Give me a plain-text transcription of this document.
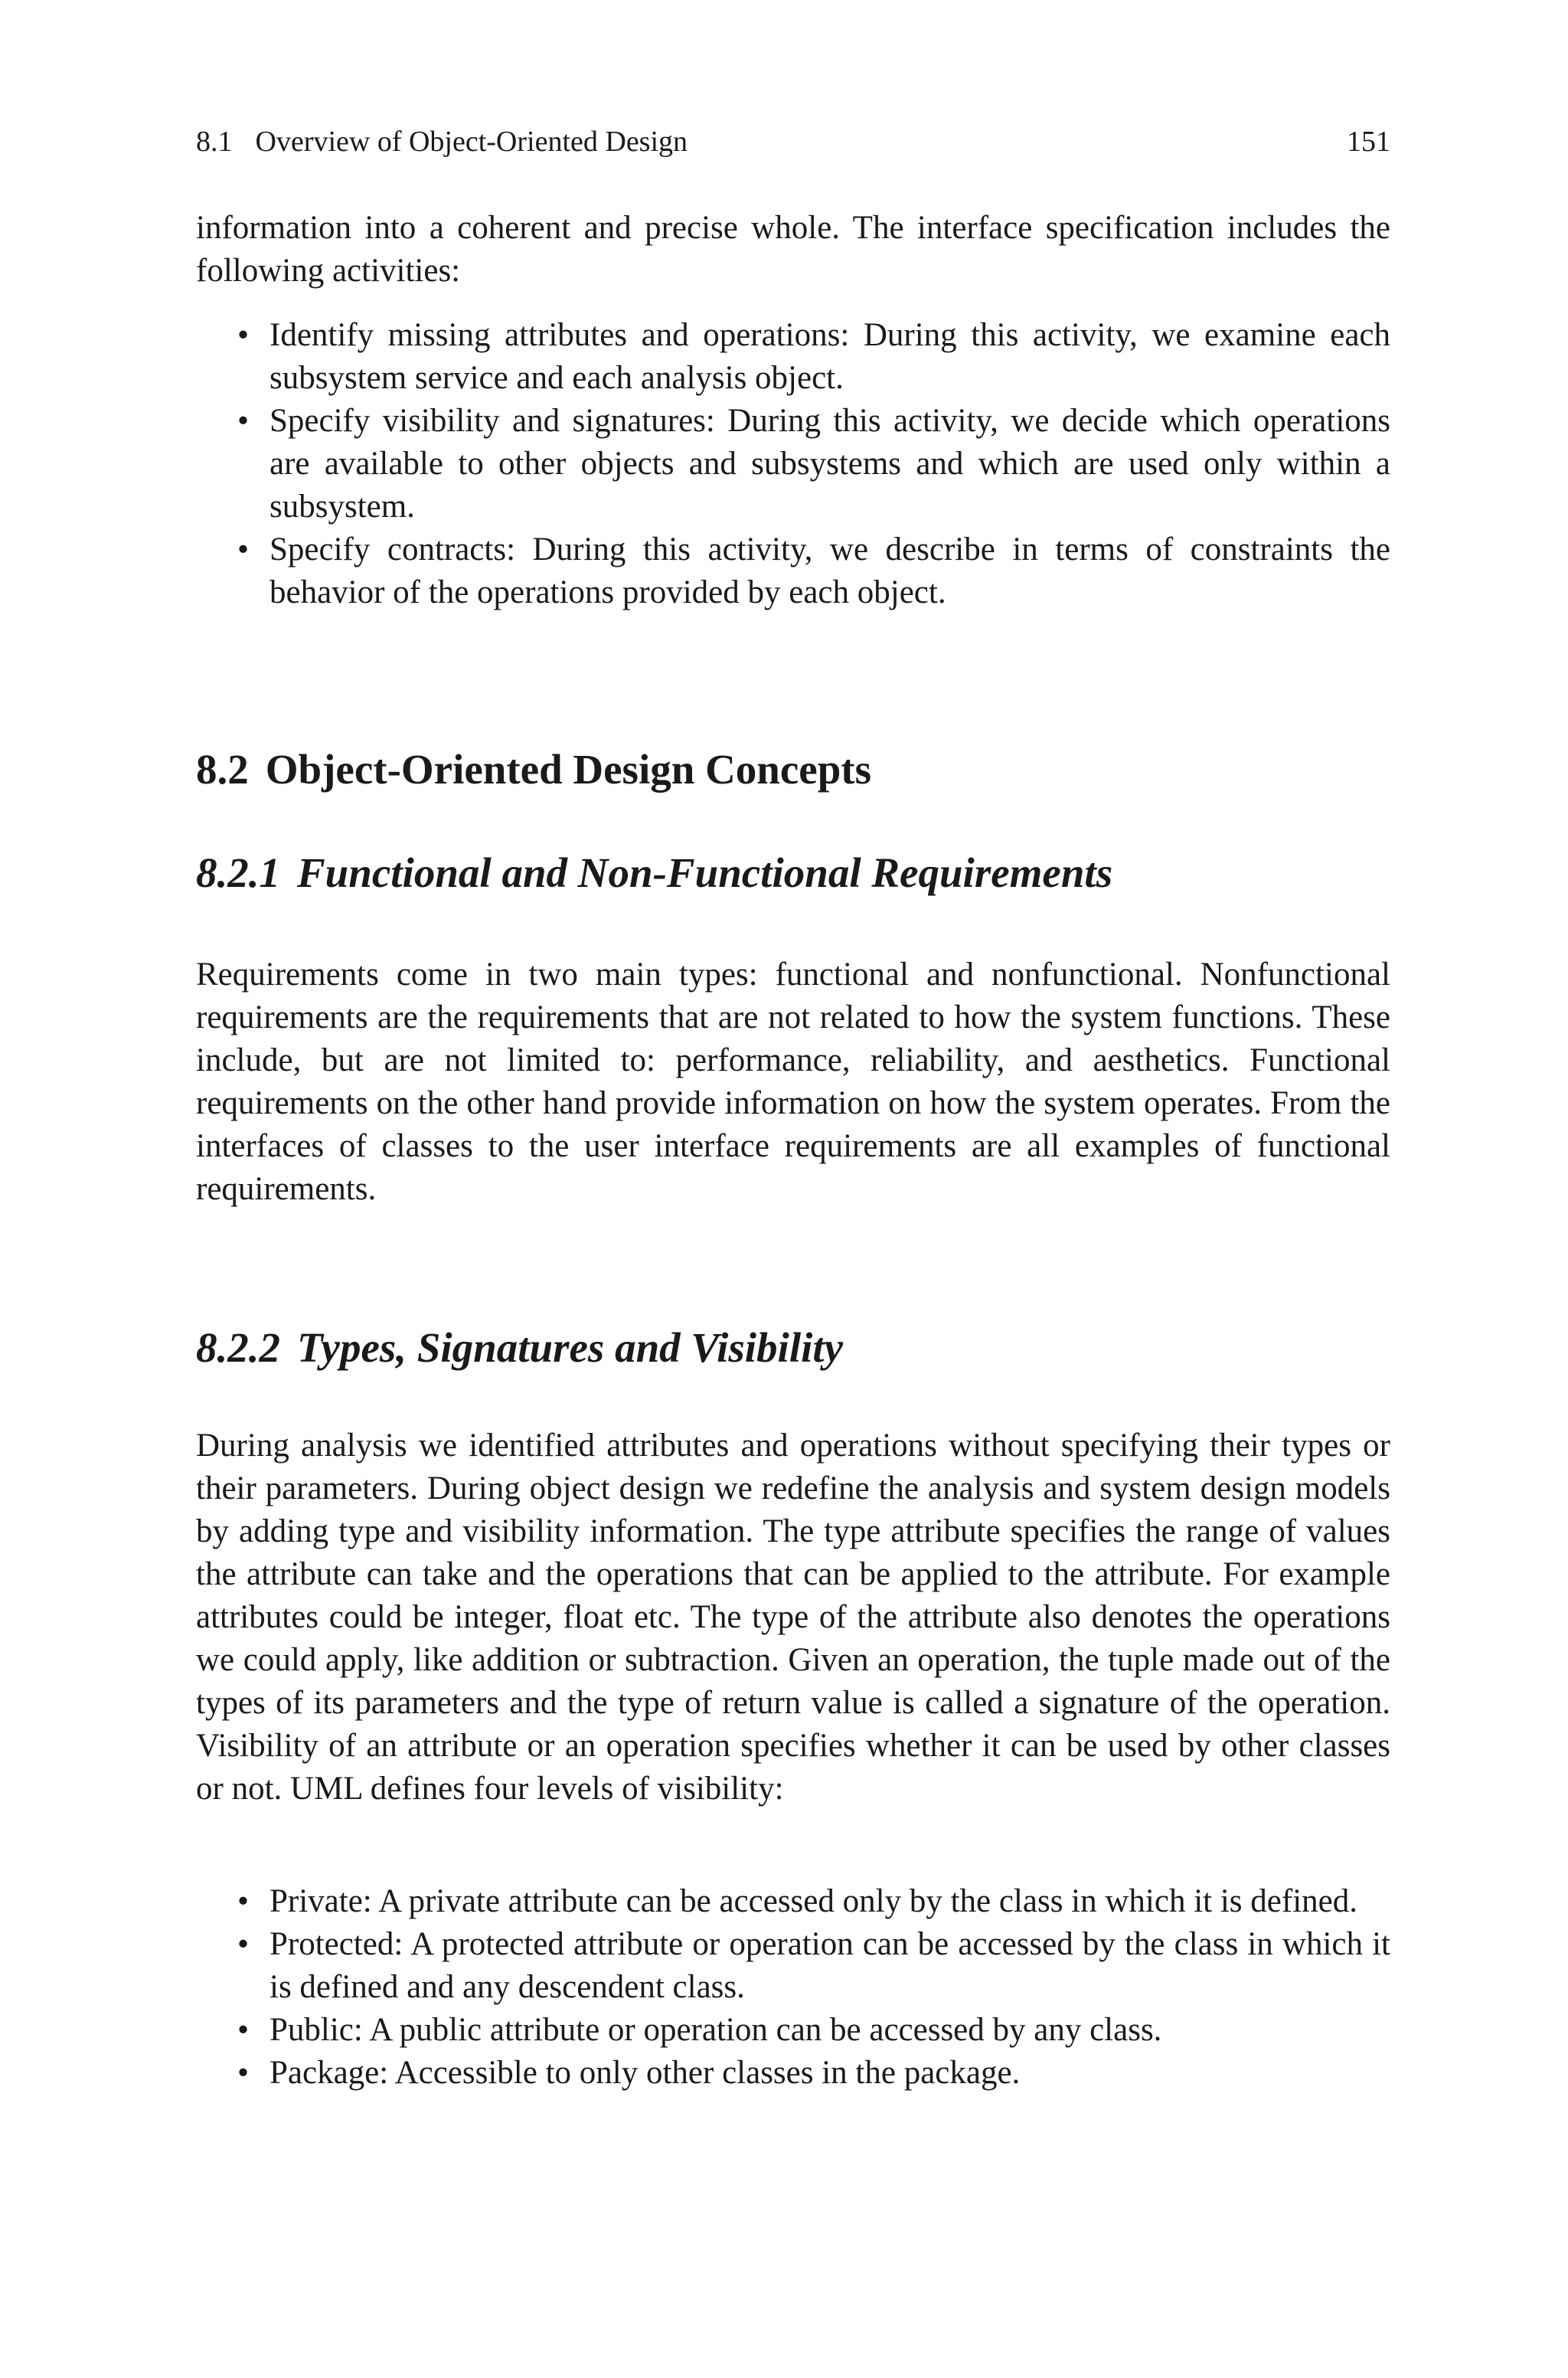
8.1 Overview of Object-Oriented Design	151

information into a coherent and precise whole. The interface specification includes the following activities:

• Identify missing attributes and operations: During this activity, we examine each subsystem service and each analysis object.
• Specify visibility and signatures: During this activity, we decide which operations are available to other objects and subsystems and which are used only within a subsystem.
• Specify contracts: During this activity, we describe in terms of constraints the behavior of the operations provided by each object.
8.2 Object-Oriented Design Concepts
8.2.1 Functional and Non-Functional Requirements

Requirements come in two main types: functional and nonfunctional. Nonfunctional requirements are the requirements that are not related to how the system functions. These include, but are not limited to: performance, reliability, and aesthetics. Functional requirements on the other hand provide information on how the system operates. From the interfaces of classes to the user interface requirements are all examples of functional requirements.

8.2.2 Types, Signatures and Visibility

During analysis we identified attributes and operations without specifying their types or their parameters. During object design we redefine the analysis and system design models by adding type and visibility information. The type attribute specifies the range of values the attribute can take and the operations that can be applied to the attribute. For example attributes could be integer, float etc. The type of the attribute also denotes the operations we could apply, like addition or subtraction. Given an operation, the tuple made out of the types of its parameters and the type of return value is called a signature of the operation. Visibility of an attribute or an operation specifies whether it can be used by other classes or not. UML defines four levels of visibility:

• Private: A private attribute can be accessed only by the class in which it is defined.
• Protected: A protected attribute or operation can be accessed by the class in which it is defined and any descendent class.
• Public: A public attribute or operation can be accessed by any class.
• Package: Accessible to only other classes in the package.
